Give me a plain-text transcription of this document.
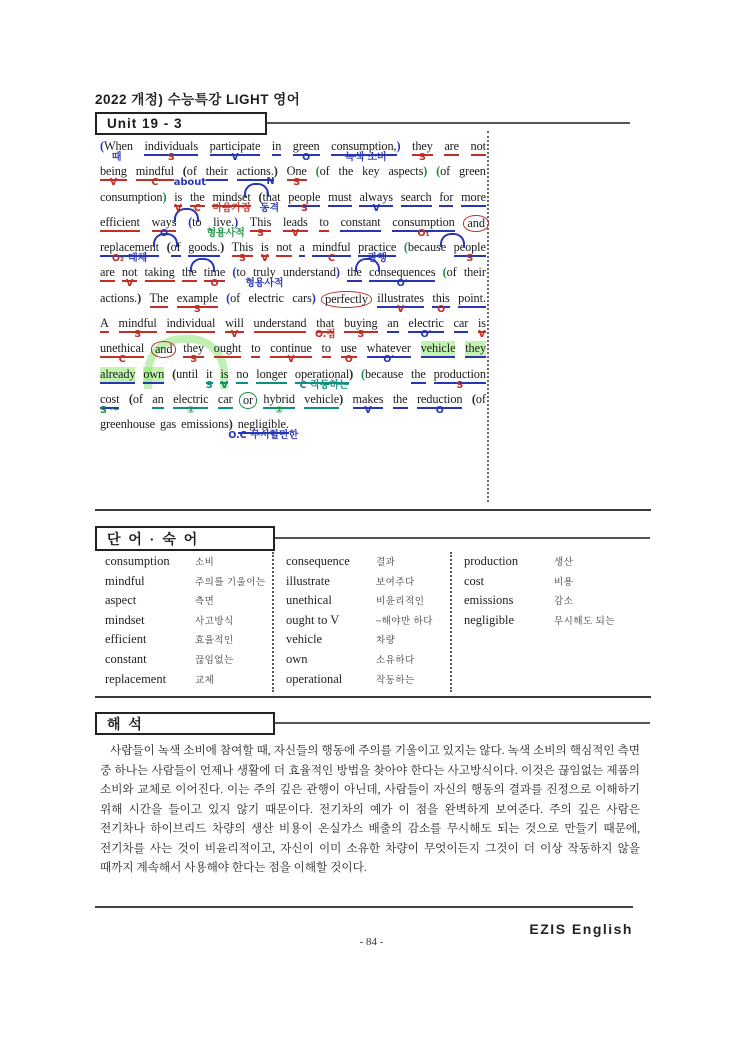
2022 개정) 수능특강 LIGHT 영어
Unit 19 - 3
(When
때
individuals
S
participate
V
in green
O
consumption,)
녹색 소비
they
S
are not
being
V
mindful
C
(of
about
their actions.) One
S
(of the key aspects) (of green
consumption) is
V
the
C
mindset
마음가짐
N
(that
동격
people
S
must always
V
search for more
efficient ways
O
(to live.)
형용사적
This
S
leads
V
to constant consumption
O₁
and
replacement
O₂ 대체
(of goods.) This
S
is
V
not a mindful
C
practice
관행
(because people
S
are not
V
taking the time
O
(to truly
형용사적
understand) the consequences
O'
(of their
actions.) The example
S
(of electric cars) perfectly illustrates
V
this
O
point.
A mindful
S
individual will
V
understand that
O.접
buying
S
an electric
O'
car is
V
unethical
C
and they
S
ought to continue
V
to use
O
whatever
O'
vehicle they
already own (until it
S
is
V
no longer operational)
C 작동하는
(because the production
S
cost
S 〜
(of an electric
①
car or hybrid
②
vehicle) makes
V
the reduction
O
(of
greenhouse gas emissions) negligible.
O.C 무시할만한
단 어 · 숙 어
consumption	소비
mindful	주의를 기울이는
aspect	측면
mindset	사고방식
efficient	효율적인
constant	끊임없는
replacement	교체
consequence	결과
illustrate	보여주다
unethical	비윤리적인
ought to V	~해야만 하다
vehicle	차량
own	소유하다
operational	작동하는
production	생산
cost	비용
emissions	감소
negligible	무시해도 되는
해 석
사람들이 녹색 소비에 참여할 때, 자신들의 행동에 주의를 기울이고 있지는 않다. 녹색 소비의 핵심적인 측면 중 하나는 사람들이 언제나 생활에 더 효율적인 방법을 찾아야 한다는 사고방식이다. 이것은 끊임없는 제품의 소비와 교체로 이어진다. 이는 주의 깊은 관행이 아닌데, 사람들이 자신의 행동의 결과를 진정으로 이해하기 위해 시간을 들이고 있지 않기 때문이다. 전기차의 예가 이 점을 완벽하게 보여준다. 주의 깊은 사람은 전기차나 하이브리드 차량의 생산 비용이 온실가스 배출의 감소를 무시해도 되는 것으로 만들기 때문에, 전기차를 사는 것이 비윤리적이고, 자신이 이미 소유한 차량이 무엇이든지 그것이 더 이상 작동하지 않을 때까지 계속해서 사용해야 한다는 점을 이해할 것이다.
EZIS English
- 84 -
